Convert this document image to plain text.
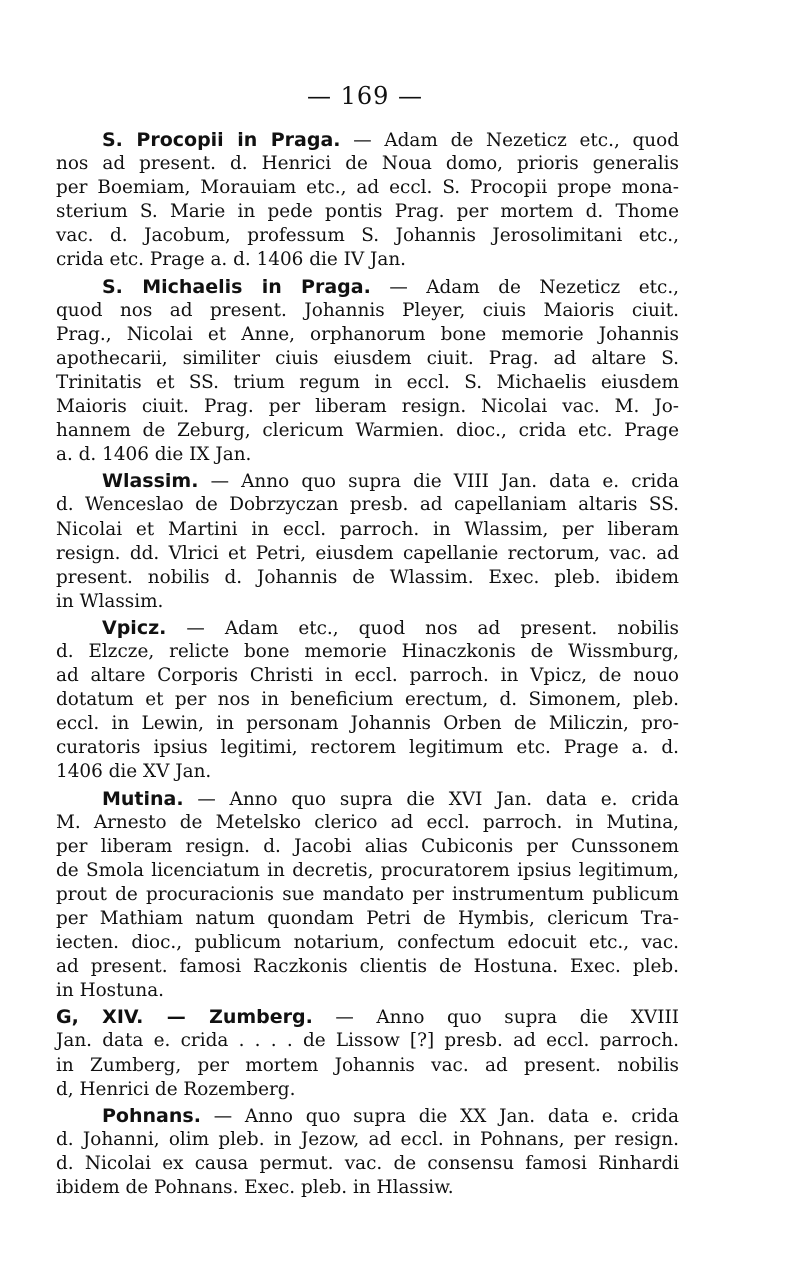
— 169 —
S. Procopii in Praga. — Adam de Nezeticz etc., quod
nos ad present. d. Henrici de Noua domo, prioris generalis
per Boemiam, Morauiam etc., ad eccl. S. Procopii prope mona-
sterium S. Marie in pede pontis Prag. per mortem d. Thome
vac. d. Jacobum, professum S. Johannis Jerosolimitani etc.,
crida etc. Prage a. d. 1406 die IV Jan.
S. Michaelis in Praga. — Adam de Nezeticz etc.,
quod nos ad present. Johannis Pleyer, ciuis Maioris ciuit.
Prag., Nicolai et Anne, orphanorum bone memorie Johannis
apothecarii, similiter ciuis eiusdem ciuit. Prag. ad altare S.
Trinitatis et SS. trium regum in eccl. S. Michaelis eiusdem
Maioris ciuit. Prag. per liberam resign. Nicolai vac. M. Jo-
hannem de Zeburg, clericum Warmien. dioc., crida etc. Prage
a. d. 1406 die IX Jan.
Wlassim. — Anno quo supra die VIII Jan. data e. crida
d. Wenceslao de Dobrzyczan presb. ad capellaniam altaris SS.
Nicolai et Martini in eccl. parroch. in Wlassim, per liberam
resign. dd. Vlrici et Petri, eiusdem capellanie rectorum, vac. ad
present. nobilis d. Johannis de Wlassim. Exec. pleb. ibidem
in Wlassim.
Vpicz. — Adam etc., quod nos ad present. nobilis
d. Elzcze, relicte bone memorie Hinaczkonis de Wissmburg,
ad altare Corporis Christi in eccl. parroch. in Vpicz, de nouo
dotatum et per nos in beneficium erectum, d. Simonem, pleb.
eccl. in Lewin, in personam Johannis Orben de Miliczin, pro-
curatoris ipsius legitimi, rectorem legitimum etc. Prage a. d.
1406 die XV Jan.
Mutina. — Anno quo supra die XVI Jan. data e. crida
M. Arnesto de Metelsko clerico ad eccl. parroch. in Mutina,
per liberam resign. d. Jacobi alias Cubiconis per Cunssonem
de Smola licenciatum in decretis, procuratorem ipsius legitimum,
prout de procuracionis sue mandato per instrumentum publicum
per Mathiam natum quondam Petri de Hymbis, clericum Tra-
iecten. dioc., publicum notarium, confectum edocuit etc., vac.
ad present. famosi Raczkonis clientis de Hostuna. Exec. pleb.
in Hostuna.
G, XIV. — Zumberg. — Anno quo supra die XVIII
Jan. data e. crida . . . . de Lissow [?] presb. ad eccl. parroch.
in Zumberg, per mortem Johannis vac. ad present. nobilis
d, Henrici de Rozemberg.
Pohnans. — Anno quo supra die XX Jan. data e. crida
d. Johanni, olim pleb. in Jezow, ad eccl. in Pohnans, per resign.
d. Nicolai ex causa permut. vac. de consensu famosi Rinhardi
ibidem de Pohnans. Exec. pleb. in Hlassiw.
